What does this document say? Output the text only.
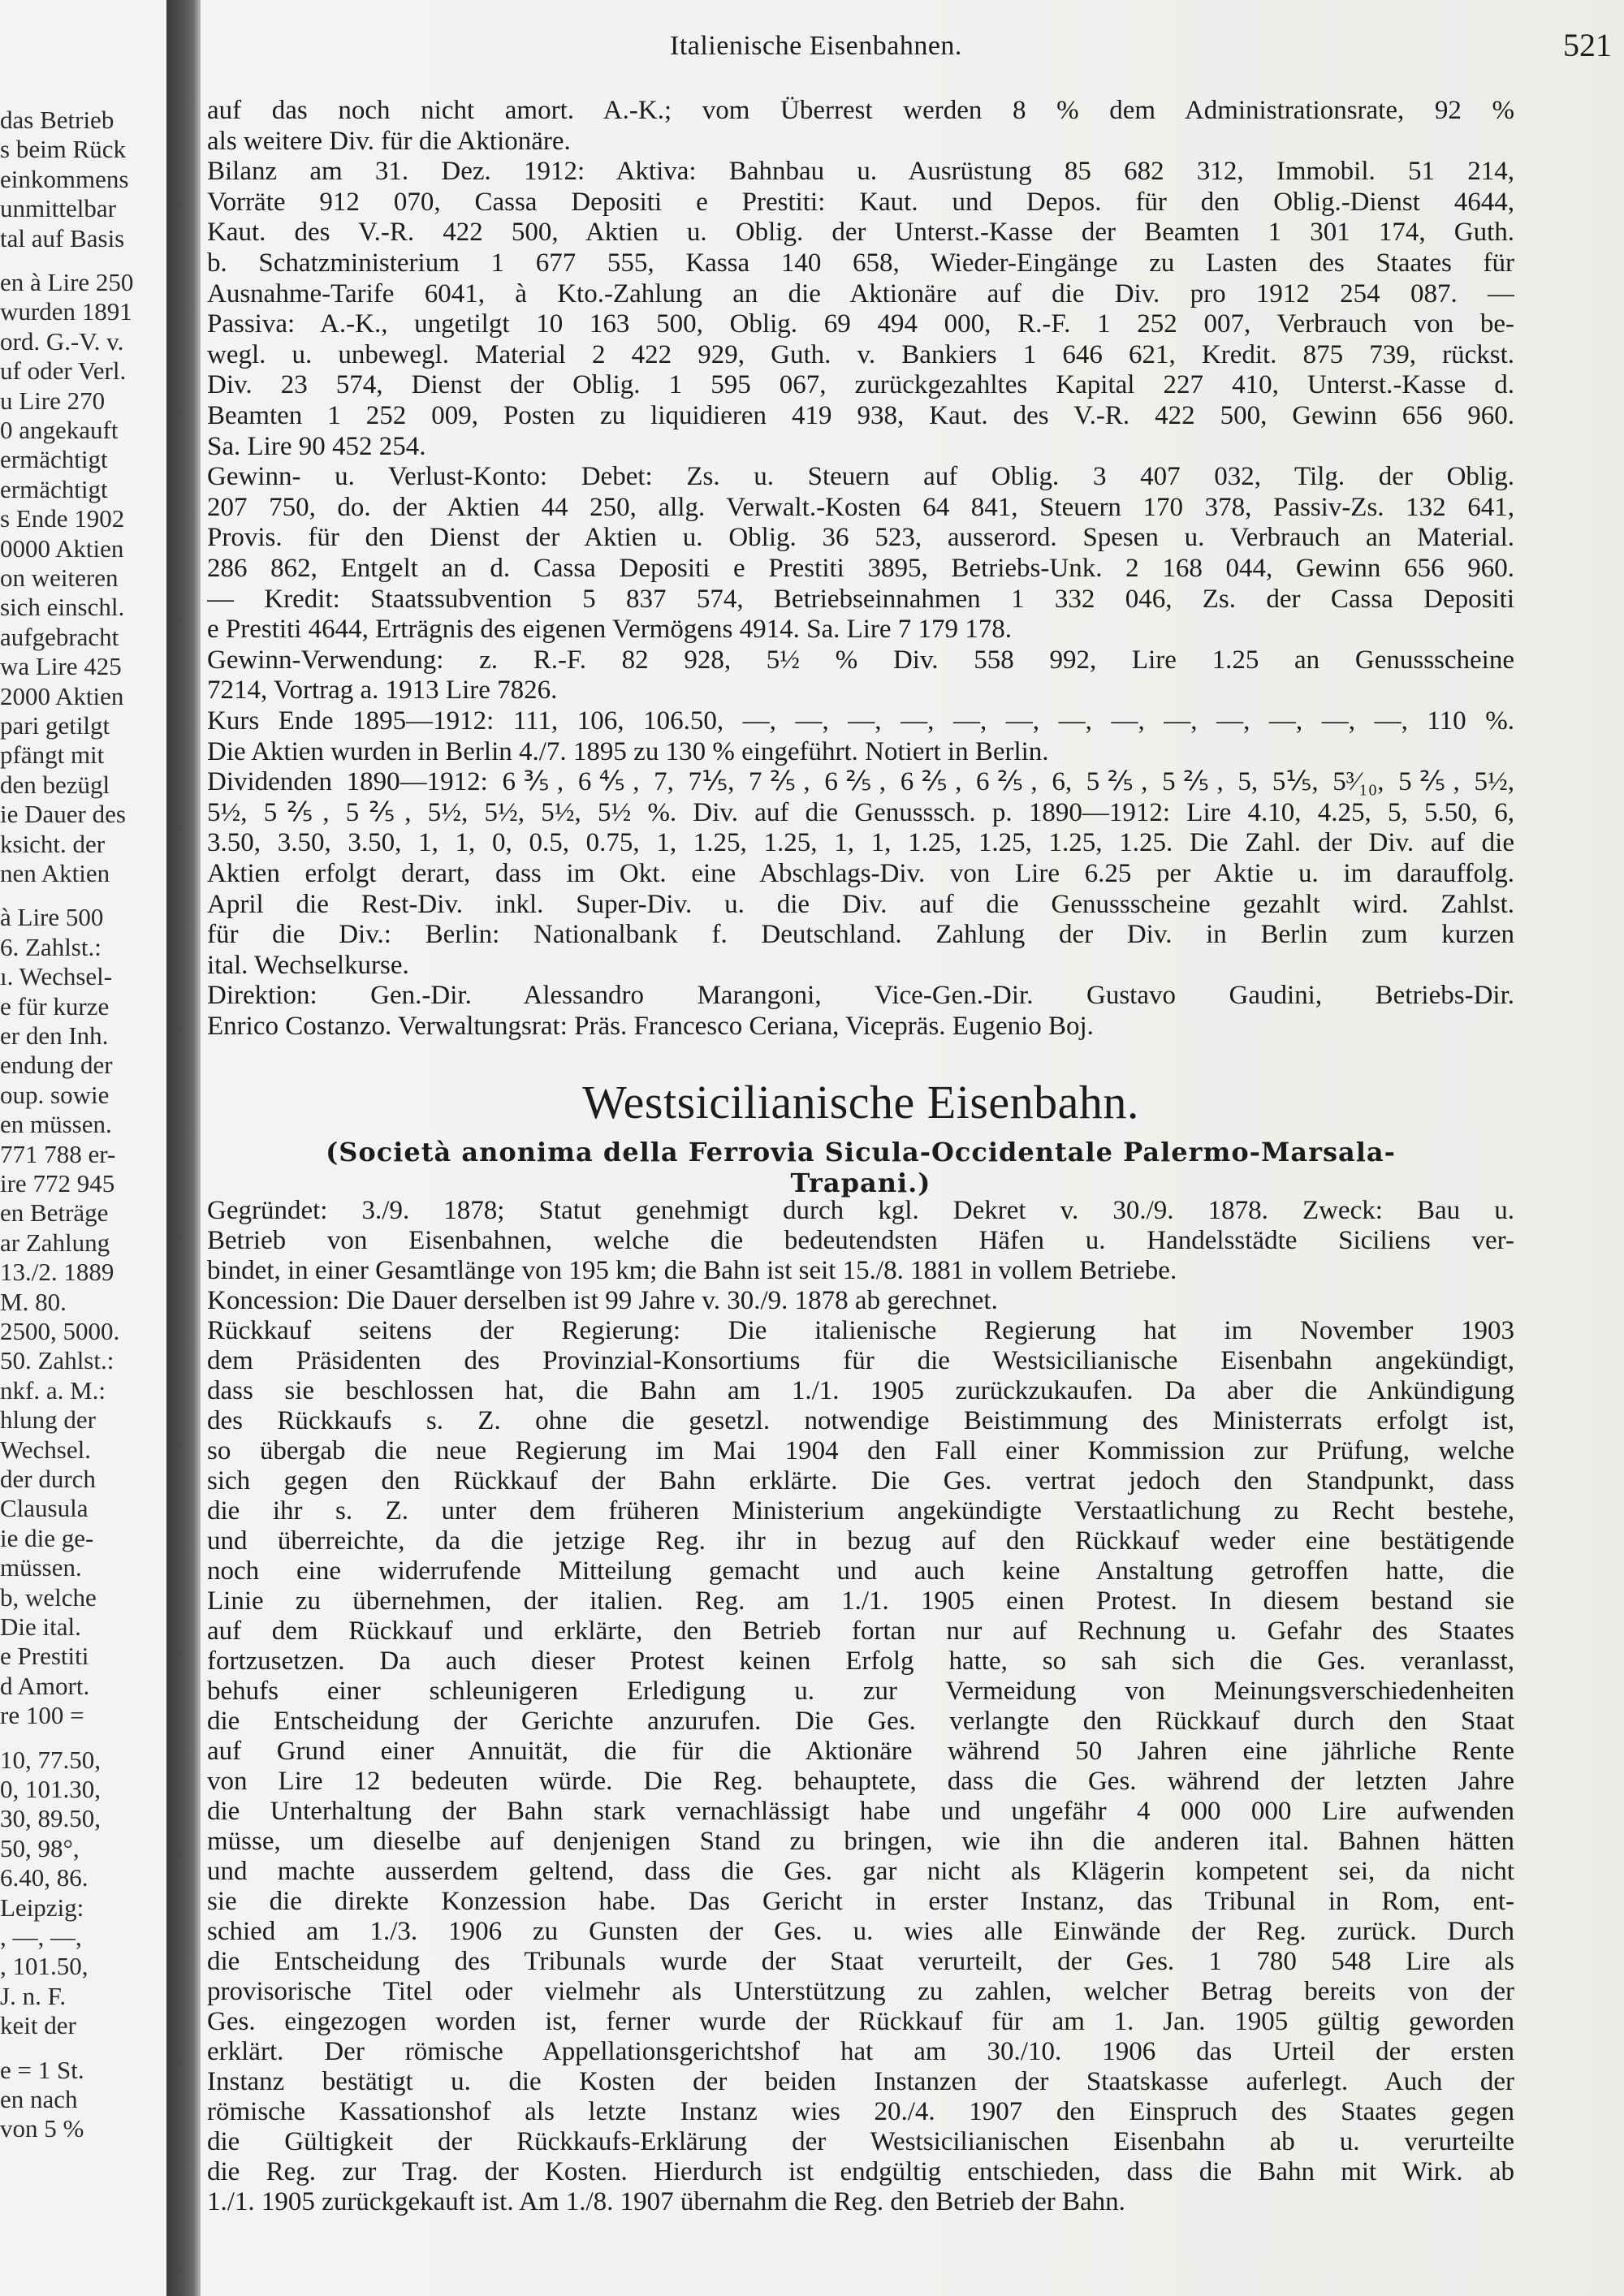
das Betrieb
s beim Rück
einkommens
unmittelbar
tal auf Basis
en à Lire 250
wurden 1891
ord. G.-V. v.
uf oder Verl.
u Lire 270
0 angekauft
ermächtigt
ermächtigt
s Ende 1902
0000 Aktien
on weiteren
sich einschl.
aufgebracht
wa Lire 425
2000 Aktien
pari getilgt
pfängt mit
den bezügl
ie Dauer des
ksicht. der
nen Aktien
à Lire 500
6. Zahlst.:
ı. Wechsel-
e für kurze
er den Inh.
endung der
oup. sowie
en müssen.
771 788 er-
ire 772 945
en Beträge
ar Zahlung
13./2. 1889
M. 80.
2500, 5000.
50. Zahlst.:
nkf. a. M.:
hlung der
Wechsel.
der durch
Clausula
ie die ge-
müssen.
b, welche
Die ital.
e Prestiti
d Amort.
re 100 =
10, 77.50,
0, 101.30,
30, 89.50,
50, 98°,
6.40, 86.
Leipzig:
, —, —,
, 101.50,
J. n. F.
keit der
e = 1 St.
en nach
von 5 %
Italienische Eisenbahnen.	521
auf das noch nicht amort. A.-K.; vom Überrest werden 8 % dem Administrationsrate, 92 %
als weitere Div. für die Aktionäre.
Bilanz am 31. Dez. 1912: Aktiva: Bahnbau u. Ausrüstung 85 682 312, Immobil. 51 214,
Vorräte 912 070, Cassa Depositi e Prestiti: Kaut. und Depos. für den Oblig.-Dienst 4644,
Kaut. des V.-R. 422 500, Aktien u. Oblig. der Unterst.-Kasse der Beamten 1 301 174, Guth.
b. Schatzministerium 1 677 555, Kassa 140 658, Wieder-Eingänge zu Lasten des Staates für
Ausnahme-Tarife 6041, à Kto.-Zahlung an die Aktionäre auf die Div. pro 1912 254 087. —
Passiva: A.-K., ungetilgt 10 163 500, Oblig. 69 494 000, R.-F. 1 252 007, Verbrauch von be-
wegl. u. unbewegl. Material 2 422 929, Guth. v. Bankiers 1 646 621, Kredit. 875 739, rückst.
Div. 23 574, Dienst der Oblig. 1 595 067, zurückgezahltes Kapital 227 410, Unterst.-Kasse d.
Beamten 1 252 009, Posten zu liquidieren 419 938, Kaut. des V.-R. 422 500, Gewinn 656 960.
Sa. Lire 90 452 254.
Gewinn- u. Verlust-Konto: Debet: Zs. u. Steuern auf Oblig. 3 407 032, Tilg. der Oblig.
207 750, do. der Aktien 44 250, allg. Verwalt.-Kosten 64 841, Steuern 170 378, Passiv-Zs. 132 641,
Provis. für den Dienst der Aktien u. Oblig. 36 523, ausserord. Spesen u. Verbrauch an Material.
286 862, Entgelt an d. Cassa Depositi e Prestiti 3895, Betriebs-Unk. 2 168 044, Gewinn 656 960.
— Kredit: Staatssubvention 5 837 574, Betriebseinnahmen 1 332 046, Zs. der Cassa Depositi
e Prestiti 4644, Erträgnis des eigenen Vermögens 4914. Sa. Lire 7 179 178.
Gewinn-Verwendung: z. R.-F. 82 928, 5½ % Div. 558 992, Lire 1.25 an Genussscheine
7214, Vortrag a. 1913 Lire 7826.
Kurs Ende 1895—1912: 111, 106, 106.50, —, —, —, —, —, —, —, —, —, —, —, —, —, 110 %.
Die Aktien wurden in Berlin 4./7. 1895 zu 130 % eingeführt. Notiert in Berlin.
Dividenden 1890—1912: 6⅗, 6⅘, 7, 7⅕, 7⅖, 6⅖, 6⅖, 6⅖, 6, 5⅖, 5⅖, 5, 5⅕, 5³⁄₁₀, 5⅖, 5½,
5½, 5⅖, 5⅖, 5½, 5½, 5½, 5½ %. Div. auf die Genusssch. p. 1890—1912: Lire 4.10, 4.25, 5, 5.50, 6,
3.50, 3.50, 3.50, 1, 1, 0, 0.5, 0.75, 1, 1.25, 1.25, 1, 1, 1.25, 1.25, 1.25, 1.25. Die Zahl. der Div. auf die
Aktien erfolgt derart, dass im Okt. eine Abschlags-Div. von Lire 6.25 per Aktie u. im darauffolg.
April die Rest-Div. inkl. Super-Div. u. die Div. auf die Genussscheine gezahlt wird. Zahlst.
für die Div.: Berlin: Nationalbank f. Deutschland. Zahlung der Div. in Berlin zum kurzen
ital. Wechselkurse.
Direktion: Gen.-Dir. Alessandro Marangoni, Vice-Gen.-Dir. Gustavo Gaudini, Betriebs-Dir.
Enrico Costanzo. Verwaltungsrat: Präs. Francesco Ceriana, Vicepräs. Eugenio Boj.
Westsicilianische Eisenbahn.
(Società anonima della Ferrovia Sicula-Occidentale Palermo-Marsala-
Trapani.)
Gegründet: 3./9. 1878; Statut genehmigt durch kgl. Dekret v. 30./9. 1878. Zweck: Bau u.
Betrieb von Eisenbahnen, welche die bedeutendsten Häfen u. Handelsstädte Siciliens ver-
bindet, in einer Gesamtlänge von 195 km; die Bahn ist seit 15./8. 1881 in vollem Betriebe.
Koncession: Die Dauer derselben ist 99 Jahre v. 30./9. 1878 ab gerechnet.
Rückkauf seitens der Regierung: Die italienische Regierung hat im November 1903
dem Präsidenten des Provinzial-Konsortiums für die Westsicilianische Eisenbahn angekündigt,
dass sie beschlossen hat, die Bahn am 1./1. 1905 zurückzukaufen. Da aber die Ankündigung
des Rückkaufs s. Z. ohne die gesetzl. notwendige Beistimmung des Ministerrats erfolgt ist,
so übergab die neue Regierung im Mai 1904 den Fall einer Kommission zur Prüfung, welche
sich gegen den Rückkauf der Bahn erklärte. Die Ges. vertrat jedoch den Standpunkt, dass
die ihr s. Z. unter dem früheren Ministerium angekündigte Verstaatlichung zu Recht bestehe,
und überreichte, da die jetzige Reg. ihr in bezug auf den Rückkauf weder eine bestätigende
noch eine widerrufende Mitteilung gemacht und auch keine Anstaltung getroffen hatte, die
Linie zu übernehmen, der italien. Reg. am 1./1. 1905 einen Protest. In diesem bestand sie
auf dem Rückkauf und erklärte, den Betrieb fortan nur auf Rechnung u. Gefahr des Staates
fortzusetzen. Da auch dieser Protest keinen Erfolg hatte, so sah sich die Ges. veranlasst,
behufs einer schleunigeren Erledigung u. zur Vermeidung von Meinungsverschiedenheiten
die Entscheidung der Gerichte anzurufen. Die Ges. verlangte den Rückkauf durch den Staat
auf Grund einer Annuität, die für die Aktionäre während 50 Jahren eine jährliche Rente
von Lire 12 bedeuten würde. Die Reg. behauptete, dass die Ges. während der letzten Jahre
die Unterhaltung der Bahn stark vernachlässigt habe und ungefähr 4 000 000 Lire aufwenden
müsse, um dieselbe auf denjenigen Stand zu bringen, wie ihn die anderen ital. Bahnen hätten
und machte ausserdem geltend, dass die Ges. gar nicht als Klägerin kompetent sei, da nicht
sie die direkte Konzession habe. Das Gericht in erster Instanz, das Tribunal in Rom, ent-
schied am 1./3. 1906 zu Gunsten der Ges. u. wies alle Einwände der Reg. zurück. Durch
die Entscheidung des Tribunals wurde der Staat verurteilt, der Ges. 1 780 548 Lire als
provisorische Titel oder vielmehr als Unterstützung zu zahlen, welcher Betrag bereits von der
Ges. eingezogen worden ist, ferner wurde der Rückkauf für am 1. Jan. 1905 gültig geworden
erklärt. Der römische Appellationsgerichtshof hat am 30./10. 1906 das Urteil der ersten
Instanz bestätigt u. die Kosten der beiden Instanzen der Staatskasse auferlegt. Auch der
römische Kassationshof als letzte Instanz wies 20./4. 1907 den Einspruch des Staates gegen
die Gültigkeit der Rückkaufs-Erklärung der Westsicilianischen Eisenbahn ab u. verurteilte
die Reg. zur Trag. der Kosten. Hierdurch ist endgültig entschieden, dass die Bahn mit Wirk. ab
1./1. 1905 zurückgekauft ist. Am 1./8. 1907 übernahm die Reg. den Betrieb der Bahn.
